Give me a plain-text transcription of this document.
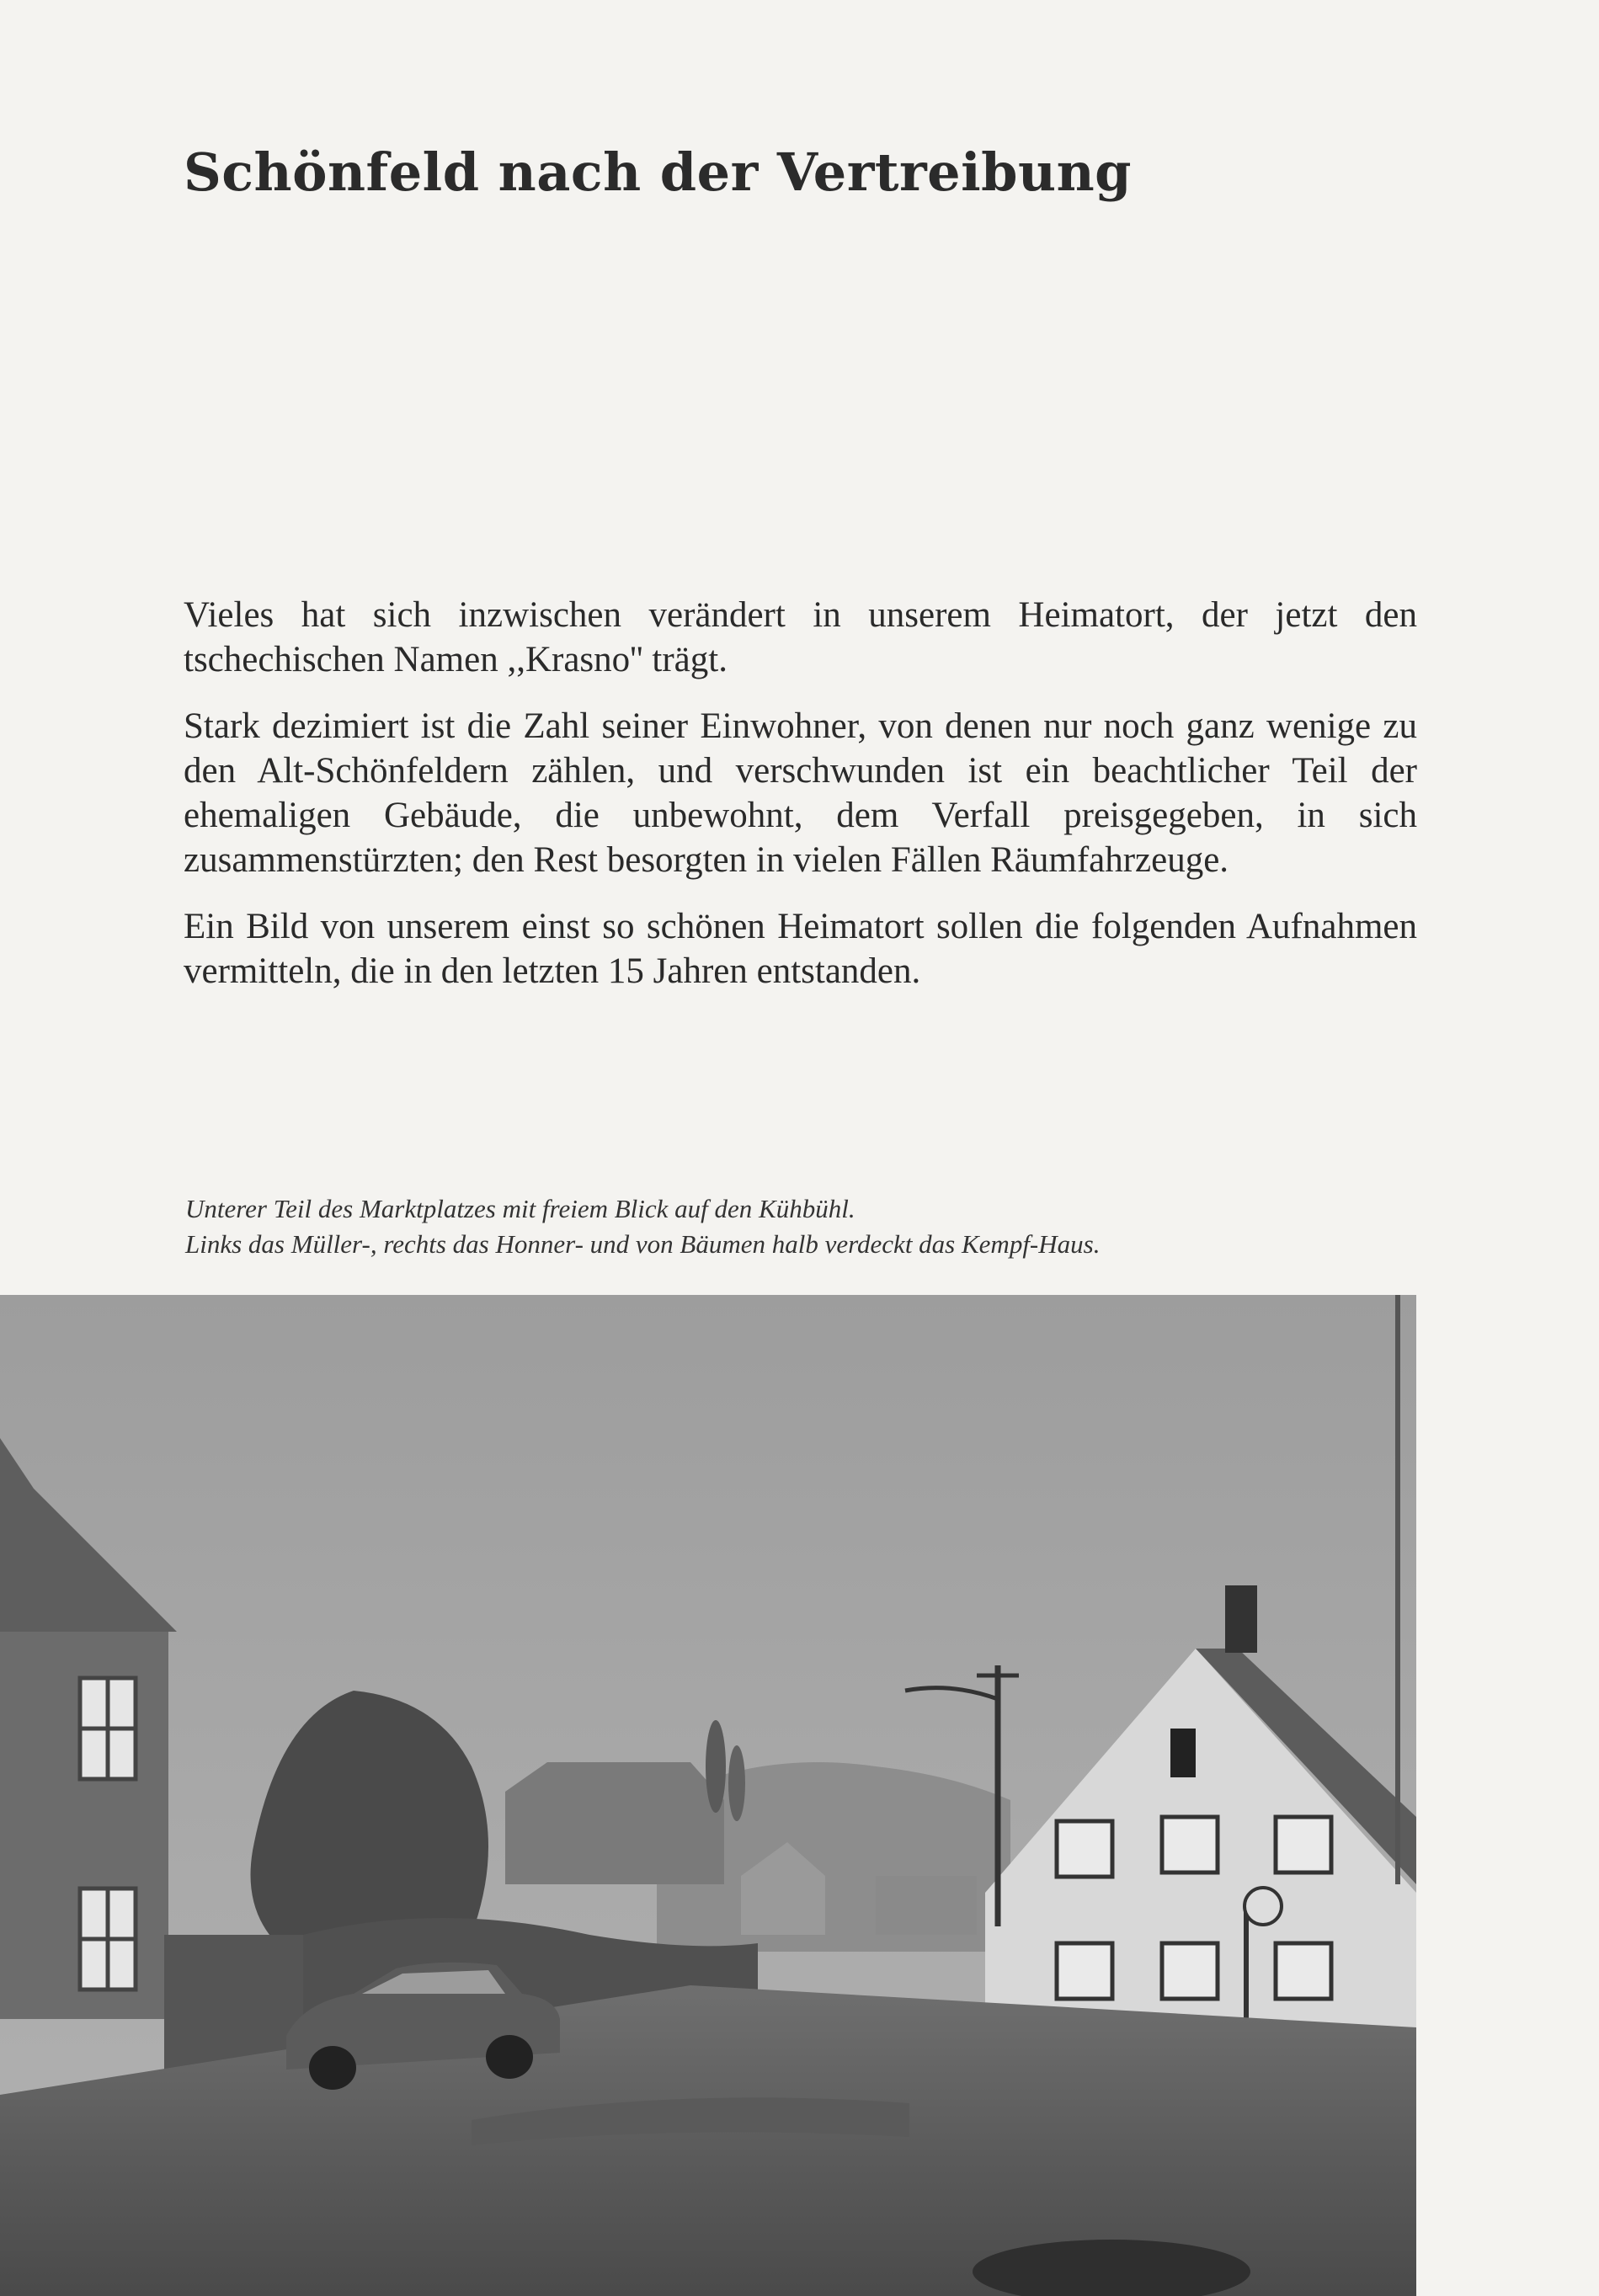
Schönfeld nach der Vertreibung

Vieles hat sich inzwischen verändert in unserem Heimatort, der jetzt den tschechischen Namen ,,Krasno'' trägt.

Stark dezimiert ist die Zahl seiner Einwohner, von denen nur noch ganz wenige zu den Alt-Schönfeldern zählen, und verschwunden ist ein beachtlicher Teil der ehemaligen Gebäude, die unbewohnt, dem Verfall preisgegeben, in sich zusammenstürzten; den Rest besorgten in vielen Fällen Räumfahrzeuge.

Ein Bild von unserem einst so schönen Heimatort sollen die folgenden Aufnahmen vermitteln, die in den letzten 15 Jahren entstanden.

Unterer Teil des Marktplatzes mit freiem Blick auf den Kühbühl.
Links das Müller-, rechts das Honner- und von Bäumen halb verdeckt das Kempf-Haus.
